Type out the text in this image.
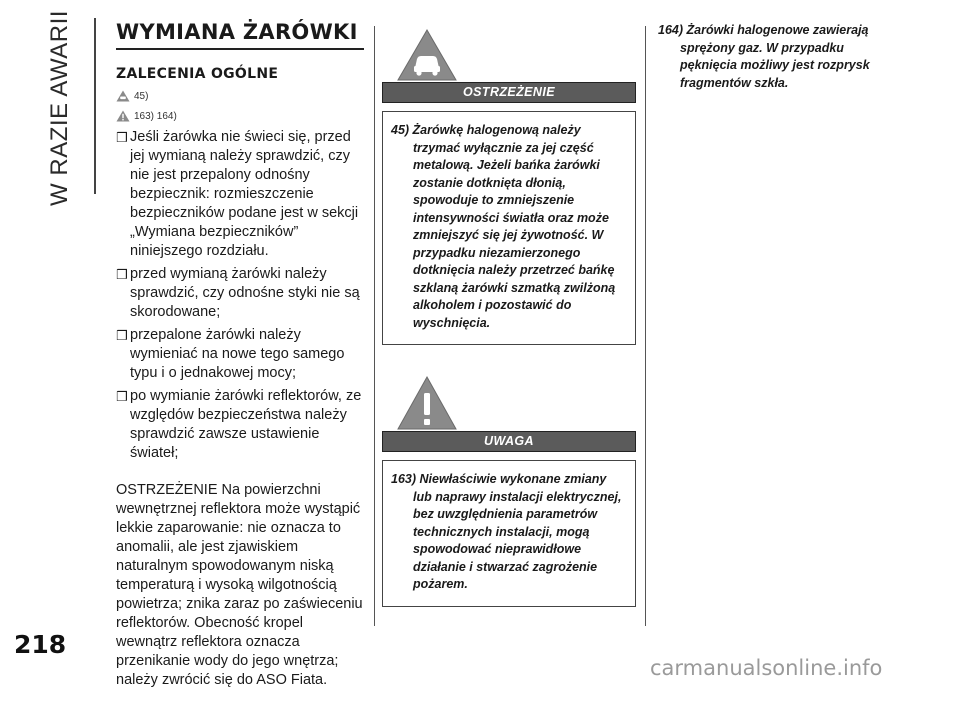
W RAZIE AWARII
218
carmanualsonline.info
WYMIANA ŻARÓWKI
ZALECENIA OGÓLNE
45)
163) 164)
❒ Jeśli żarówka nie świeci się, przed jej wymianą należy sprawdzić, czy nie jest przepalony odnośny bezpiecznik: rozmieszczenie bezpieczników podane jest w sekcji „Wymiana bezpieczników” niniejszego rozdziału.
❒ przed wymianą żarówki należy sprawdzić, czy odnośne styki nie są skorodowane;
❒ przepalone żarówki należy wymieniać na nowe tego samego typu i o jednakowej mocy;
❒ po wymianie żarówki reflektorów, ze względów bezpieczeństwa należy sprawdzić zawsze ustawienie świateł;

OSTRZEŻENIE Na powierzchni wewnętrznej reflektora może wystąpić lekkie zaparowanie: nie oznacza to anomalii, ale jest zjawiskiem naturalnym spowodowanym niską temperaturą i wysoką wilgotnością powietrza; znika zaraz po zaświeceniu reflektorów. Obecność kropel wewnątrz reflektora oznacza przenikanie wody do jego wnętrza; należy zwrócić się do ASO Fiata.

OSTRZEŻENIE
45) Żarówkę halogenową należy trzymać wyłącznie za jej część metalową. Jeżeli bańka żarówki zostanie dotknięta dłonią, spowoduje to zmniejszenie intensywności światła oraz może zmniejszyć się jej żywotność. W przypadku niezamierzonego dotknięcia należy przetrzeć bańkę szklaną żarówki szmatką zwilżoną alkoholem i pozostawić do wyschnięcia.
UWAGA
163) Niewłaściwie wykonane zmiany lub naprawy instalacji elektrycznej, bez uwzględnienia parametrów technicznych instalacji, mogą spowodować nieprawidłowe działanie i stwarzać zagrożenie pożarem.
164) Żarówki halogenowe zawierają sprężony gaz. W przypadku pęknięcia możliwy jest rozprysk fragmentów szkła.
